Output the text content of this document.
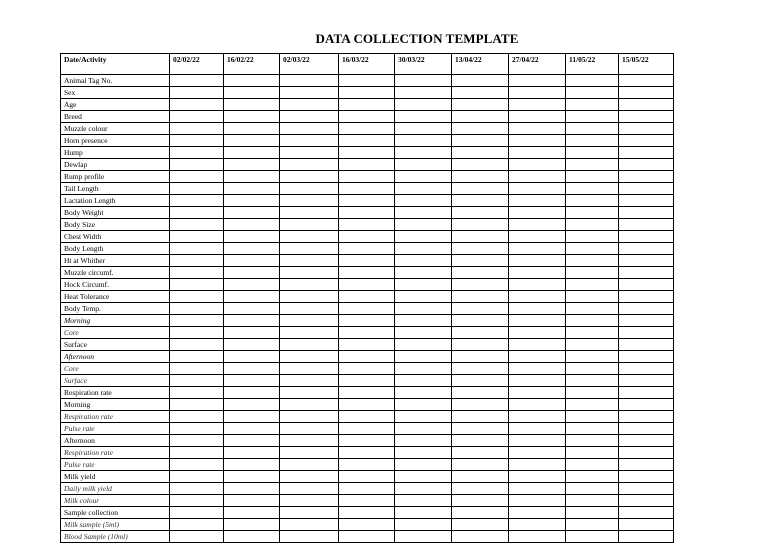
DATA COLLECTION TEMPLATE
Date/Activity	02/02/22	16/02/22	02/03/22	16/03/22	30/03/22	13/04/22	27/04/22	11/05/22	15/05/22
Animal Tag No.									
Sex									
Age									
Breed									
Muzzle colour									
Horn presence									
Hump									
Dewlap									
Rump profile									
Tail Length									
Lactation Length									
Body Weight									
Body Size									
Chest Width									
Body Length									
Ht at Whither									
Muzzle circumf.									
Hock Circumf.									
Heat Tolerance									
Body Temp.									
Morning									
Core									
Surface									
Afternoon									
Core									
Surface									
Respiration rate									
Morning									
Respiration rate									
Pulse rate									
Afternoon									
Respiration rate									
Pulse rate									
Milk yield									
Daily milk yield									
Milk colour									
Sample collection									
Milk sample (5ml)									
Blood Sample (10ml)									
